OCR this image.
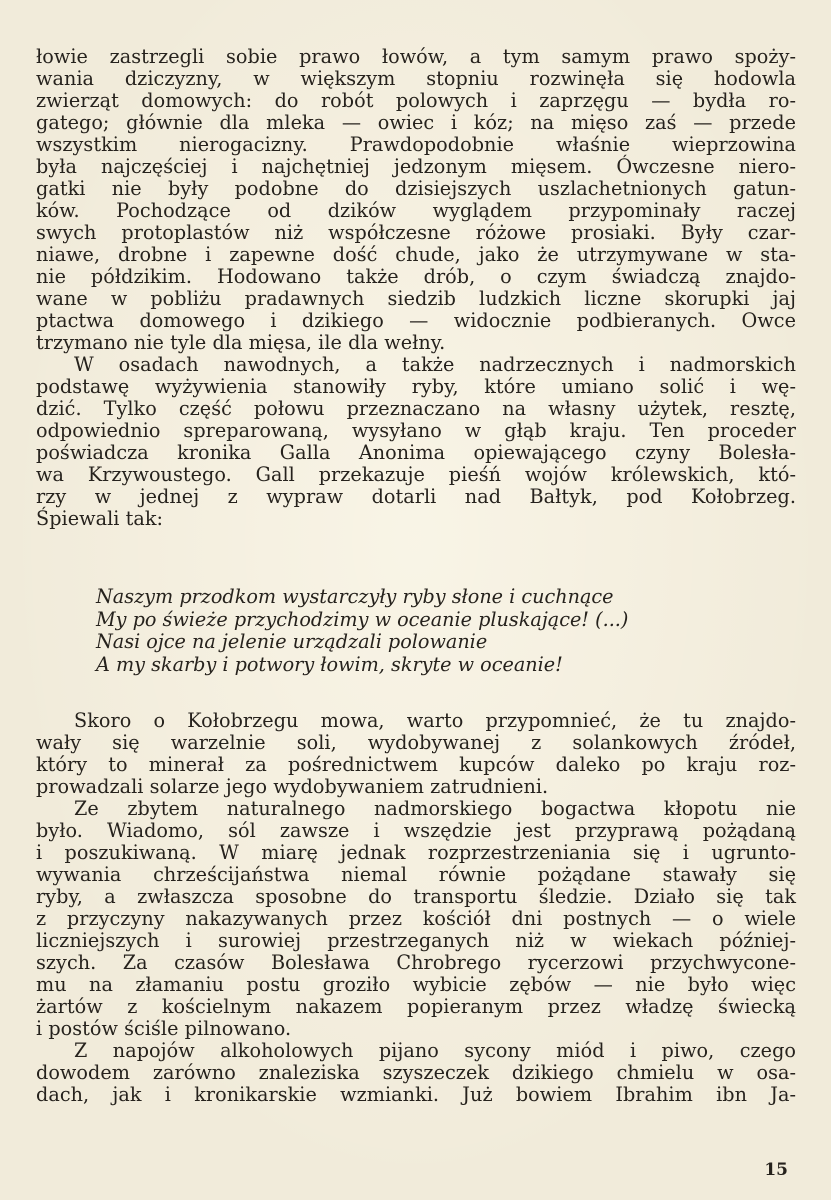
łowie zastrzegli sobie prawo łowów, a tym samym prawo spoży-
wania dziczyzny, w większym stopniu rozwinęła się hodowla
zwierząt domowych: do robót polowych i zaprzęgu — bydła ro-
gatego; głównie dla mleka — owiec i kóz; na mięso zaś — przede
wszystkim nierogacizny. Prawdopodobnie właśnie wieprzowina
była najczęściej i najchętniej jedzonym mięsem. Ówczesne niero-
gatki nie były podobne do dzisiejszych uszlachetnionych gatun-
ków. Pochodzące od dzików wyglądem przypominały raczej
swych protoplastów niż współczesne różowe prosiaki. Były czar-
niawe, drobne i zapewne dość chude, jako że utrzymywane w sta-
nie półdzikim. Hodowano także drób, o czym świadczą znajdo-
wane w pobliżu pradawnych siedzib ludzkich liczne skorupki jaj
ptactwa domowego i dzikiego — widocznie podbieranych. Owce
trzymano nie tyle dla mięsa, ile dla wełny.
W osadach nawodnych, a także nadrzecznych i nadmorskich
podstawę wyżywienia stanowiły ryby, które umiano solić i wę-
dzić. Tylko część połowu przeznaczano na własny użytek, resztę,
odpowiednio spreparowaną, wysyłano w głąb kraju. Ten proceder
poświadcza kronika Galla Anonima opiewającego czyny Bolesła-
wa Krzywoustego. Gall przekazuje pieśń wojów królewskich, któ-
rzy w jednej z wypraw dotarli nad Bałtyk, pod Kołobrzeg.
Śpiewali tak:
Naszym przodkom wystarczyły ryby słone i cuchnące
My po świeże przychodzimy w oceanie pluskające! (...)
Nasi ojce na jelenie urządzali polowanie
A my skarby i potwory łowim, skryte w oceanie!
Skoro o Kołobrzegu mowa, warto przypomnieć, że tu znajdo-
wały się warzelnie soli, wydobywanej z solankowych źródeł,
który to minerał za pośrednictwem kupców daleko po kraju roz-
prowadzali solarze jego wydobywaniem zatrudnieni.
Ze zbytem naturalnego nadmorskiego bogactwa kłopotu nie
było. Wiadomo, sól zawsze i wszędzie jest przyprawą pożądaną
i poszukiwaną. W miarę jednak rozprzestrzeniania się i ugrunto-
wywania chrześcijaństwa niemal równie pożądane stawały się
ryby, a zwłaszcza sposobne do transportu śledzie. Działo się tak
z przyczyny nakazywanych przez kościół dni postnych — o wiele
liczniejszych i surowiej przestrzeganych niż w wiekach później-
szych. Za czasów Bolesława Chrobrego rycerzowi przychwycone-
mu na złamaniu postu groziło wybicie zębów — nie było więc
żartów z kościelnym nakazem popieranym przez władzę świecką
i postów ściśle pilnowano.
Z napojów alkoholowych pijano sycony miód i piwo, czego
dowodem zarówno znaleziska szyszeczek dzikiego chmielu w osa-
dach, jak i kronikarskie wzmianki. Już bowiem Ibrahim ibn Ja-
15
